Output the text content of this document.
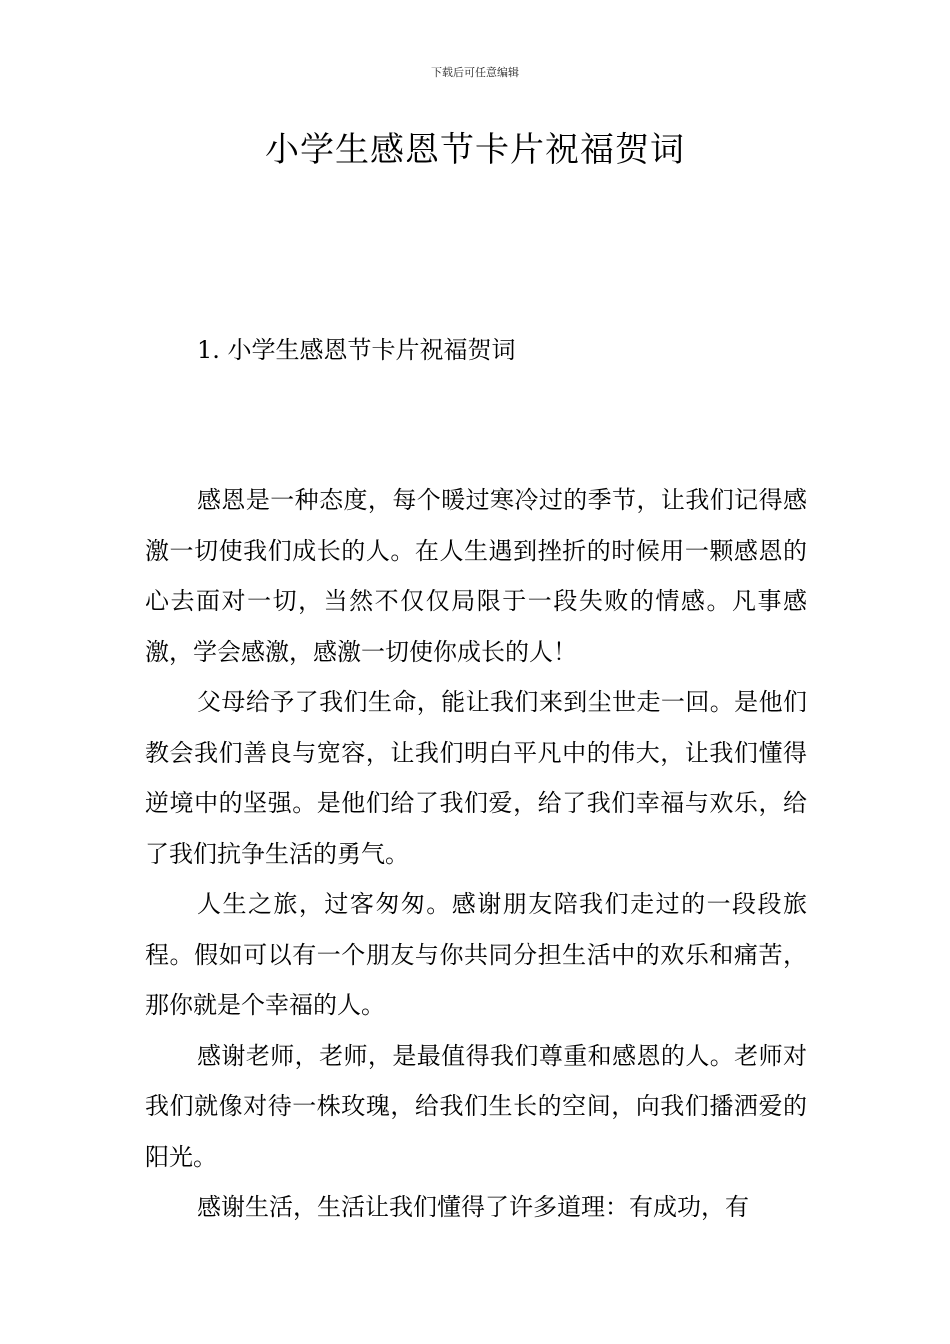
下载后可任意编辑
小学生感恩节卡片祝福贺词
1. 小学生感恩节卡片祝福贺词

感恩是一种态度，每个暖过寒冷过的季节，让我们记得感激一切使我们成长的人。在人生遇到挫折的时候用一颗感恩的心去面对一切，当然不仅仅局限于一段失败的情感。凡事感激，学会感激，感激一切使你成长的人！

父母给予了我们生命，能让我们来到尘世走一回。是他们教会我们善良与宽容，让我们明白平凡中的伟大，让我们懂得逆境中的坚强。是他们给了我们爱，给了我们幸福与欢乐，给了我们抗争生活的勇气。

人生之旅，过客匆匆。感谢朋友陪我们走过的一段段旅程。假如可以有一个朋友与你共同分担生活中的欢乐和痛苦，那你就是个幸福的人。

感谢老师，老师，是最值得我们尊重和感恩的人。老师对我们就像对待一株玫瑰，给我们生长的空间，向我们播洒爱的阳光。

感谢生活，生活让我们懂得了许多道理：有成功，有
